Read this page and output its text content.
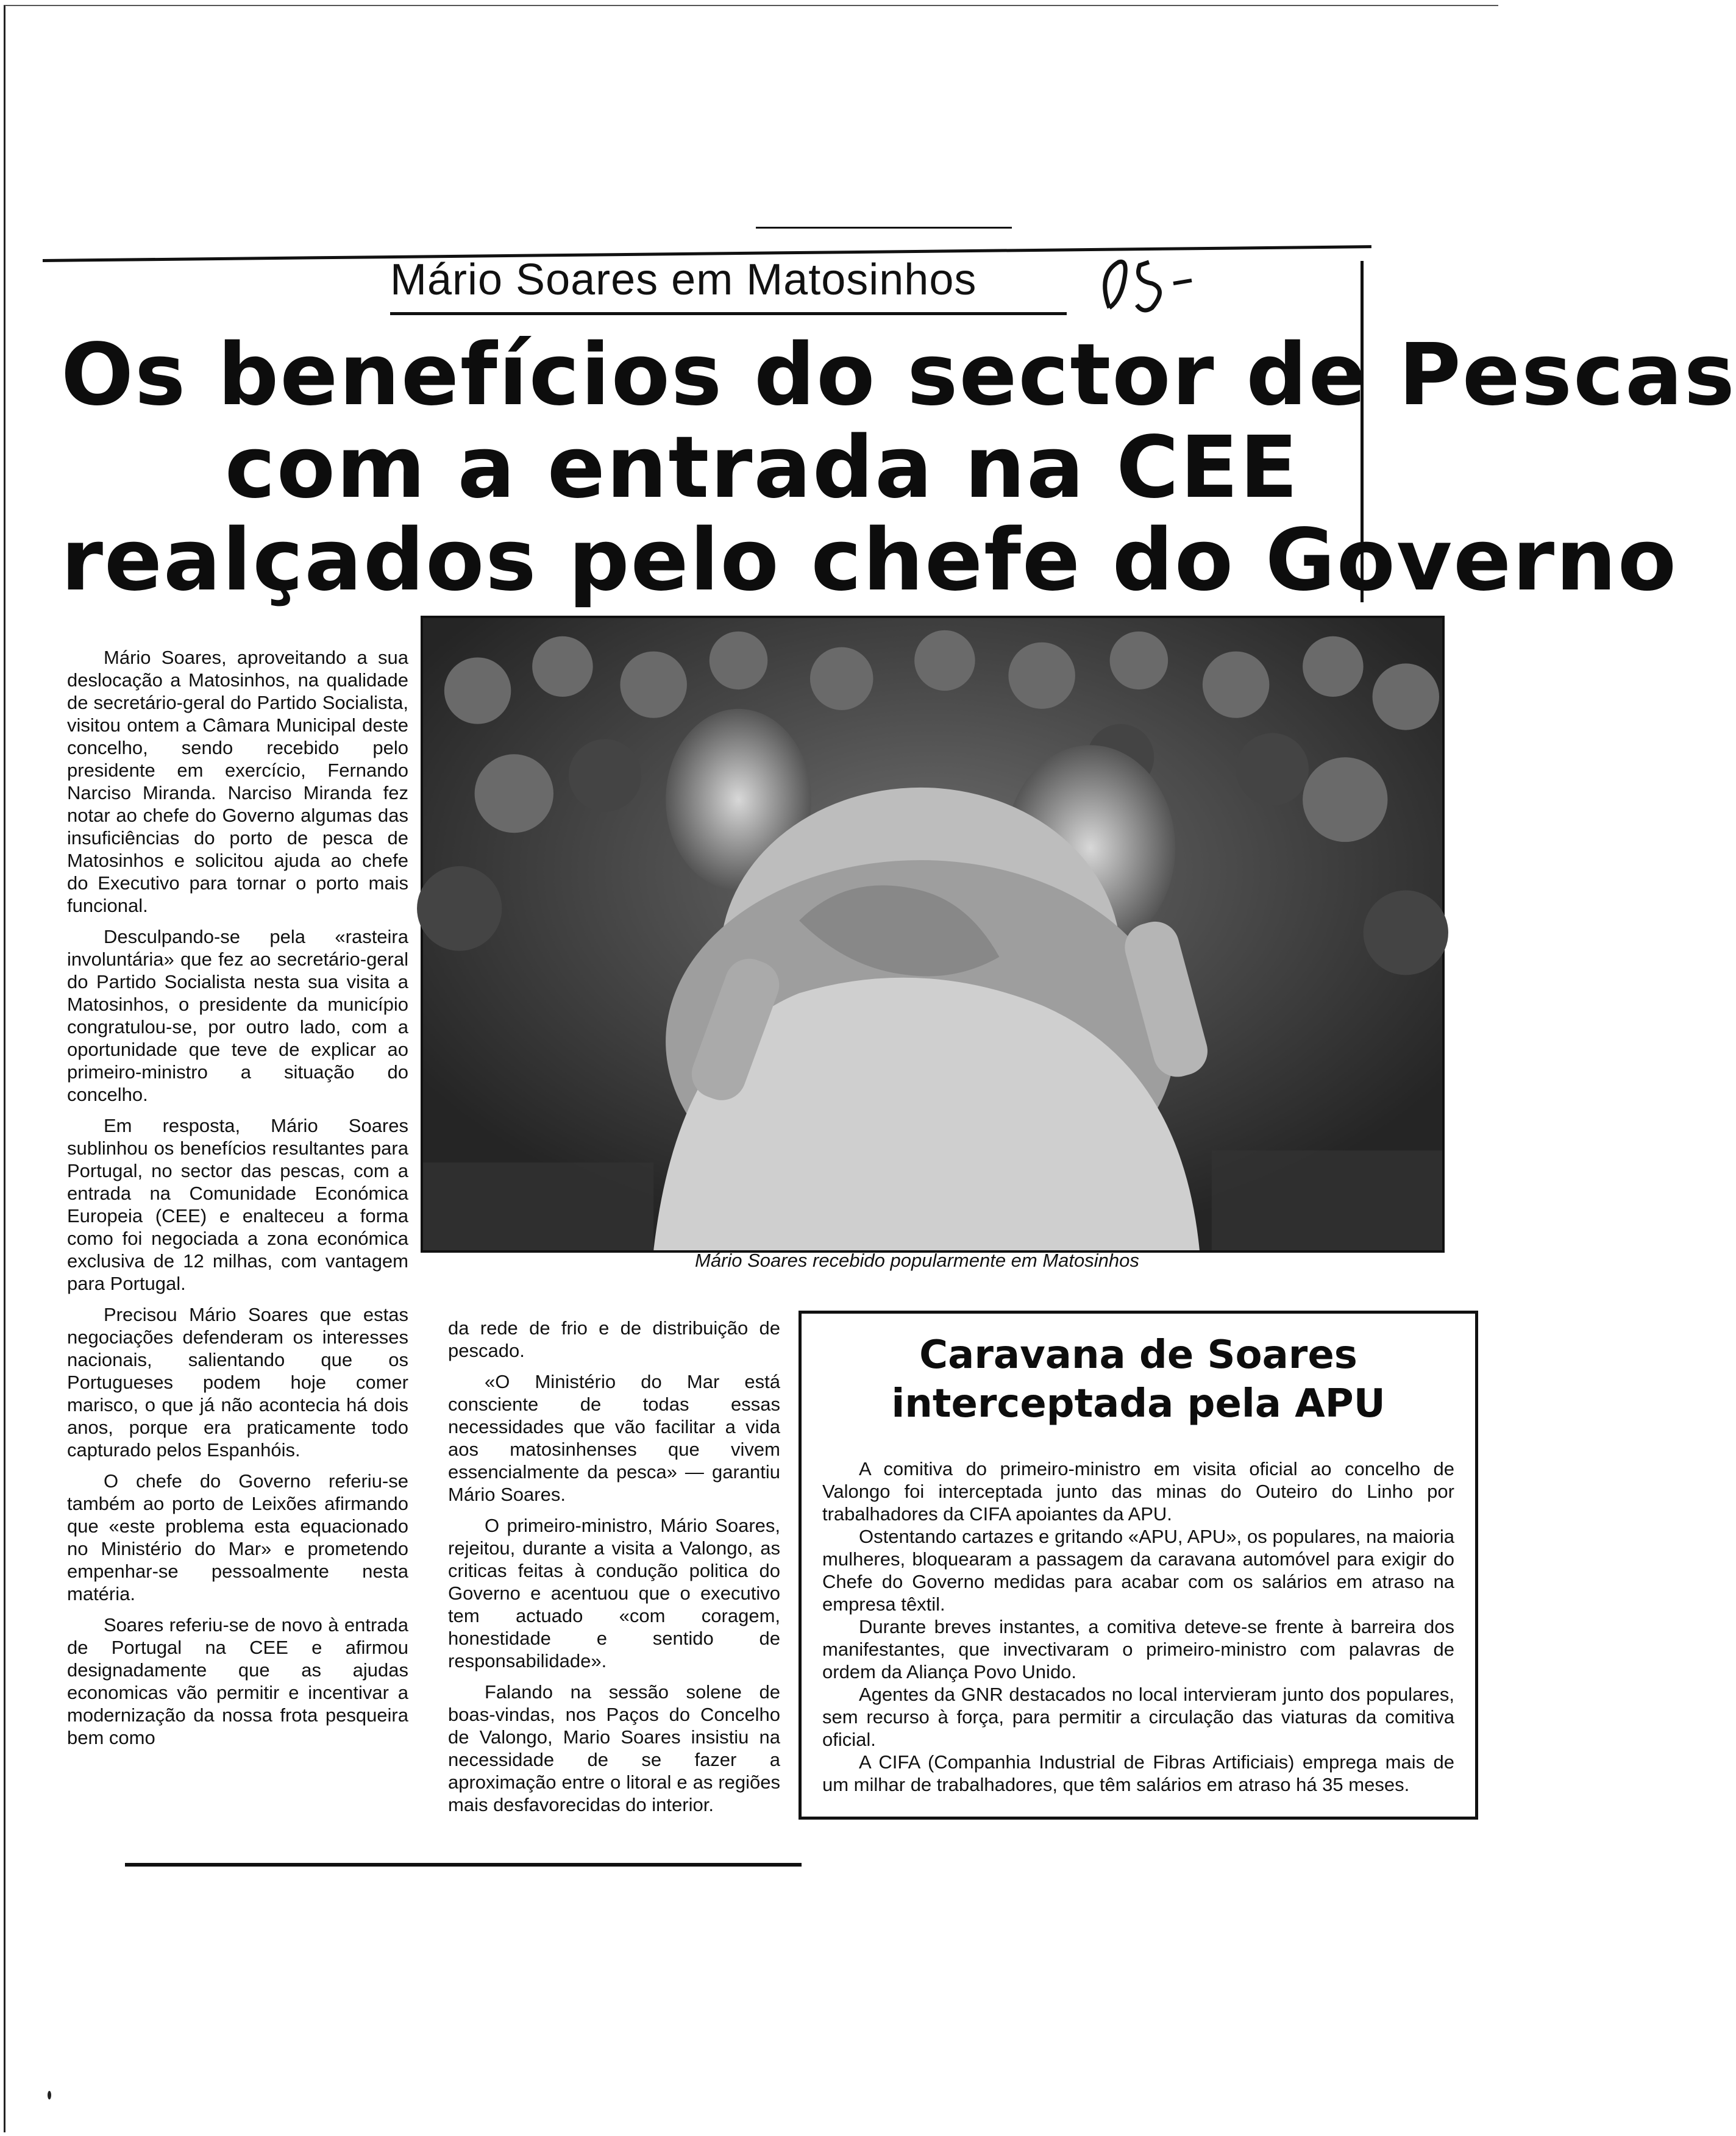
Mário Soares em Matosinhos
Os benefícios do sector de Pescas
com a entrada na CEE
realçados pelo chefe do Governo

Mário Soares, aproveitando a sua deslocação a Matosinhos, na qualidade de secretário-geral do Partido Socialista, visitou ontem a Câmara Municipal deste concelho, sendo recebido pelo presidente em exercício, Fernando Narciso Miranda. Narciso Miranda fez notar ao chefe do Governo algumas das insuficiências do porto de pesca de Matosinhos e solicitou ajuda ao chefe do Executivo para tornar o porto mais funcional.

Desculpando-se pela «rasteira involuntária» que fez ao secretário-geral do Partido Socialista nesta sua visita a Matosinhos, o presidente da município congratulou-se, por outro lado, com a oportunidade que teve de explicar ao primeiro-ministro a situação do concelho.

Em resposta, Mário Soares sublinhou os benefícios resultantes para Portugal, no sector das pescas, com a entrada na Comunidade Económica Europeia (CEE) e enalteceu a forma como foi negociada a zona económica exclusiva de 12 milhas, com vantagem para Portugal.

Precisou Mário Soares que estas negociações defenderam os interesses nacionais, salientando que os Portugueses podem hoje comer marisco, o que já não acontecia há dois anos, porque era praticamente todo capturado pelos Espanhóis.

O chefe do Governo referiu-se também ao porto de Leixões afirmando que «este problema esta equacionado no Ministério do Mar» e prometendo empenhar-se pessoalmente nesta matéria.

Soares referiu-se de novo à entrada de Portugal na CEE e afirmou designadamente que as ajudas economicas vão permitir e incentivar a modernização da nossa frota pesqueira bem como

Mário Soares recebido popularmente em Matosinhos

da rede de frio e de distribuição de pescado.

«O Ministério do Mar está consciente de todas essas necessidades que vão facilitar a vida aos matosinhenses que vivem essencialmente da pesca» — garantiu Mário Soares.

O primeiro-ministro, Mário Soares, rejeitou, durante a visita a Valongo, as criticas feitas à condução politica do Governo e acentuou que o executivo tem actuado «com coragem, honestidade e sentido de responsabilidade».

Falando na sessão solene de boas-vindas, nos Paços do Concelho de Valongo, Mario Soares insistiu na necessidade de se fazer a aproximação entre o litoral e as regiões mais desfavorecidas do interior.

Caravana de Soares interceptada pela APU

A comitiva do primeiro-ministro em visita oficial ao concelho de Valongo foi interceptada junto das minas do Outeiro do Linho por trabalhadores da CIFA apoiantes da APU.

Ostentando cartazes e gritando «APU, APU», os populares, na maioria mulheres, bloquearam a passagem da caravana automóvel para exigir do Chefe do Governo medidas para acabar com os salários em atraso na empresa têxtil.

Durante breves instantes, a comitiva deteve-se frente à barreira dos manifestantes, que invectivaram o primeiro-ministro com palavras de ordem da Aliança Povo Unido.

Agentes da GNR destacados no local intervieram junto dos populares, sem recurso à força, para permitir a circulação das viaturas da comitiva oficial.

A CIFA (Companhia Industrial de Fibras Artificiais) emprega mais de um milhar de trabalhadores, que têm salários em atraso há 35 meses.
